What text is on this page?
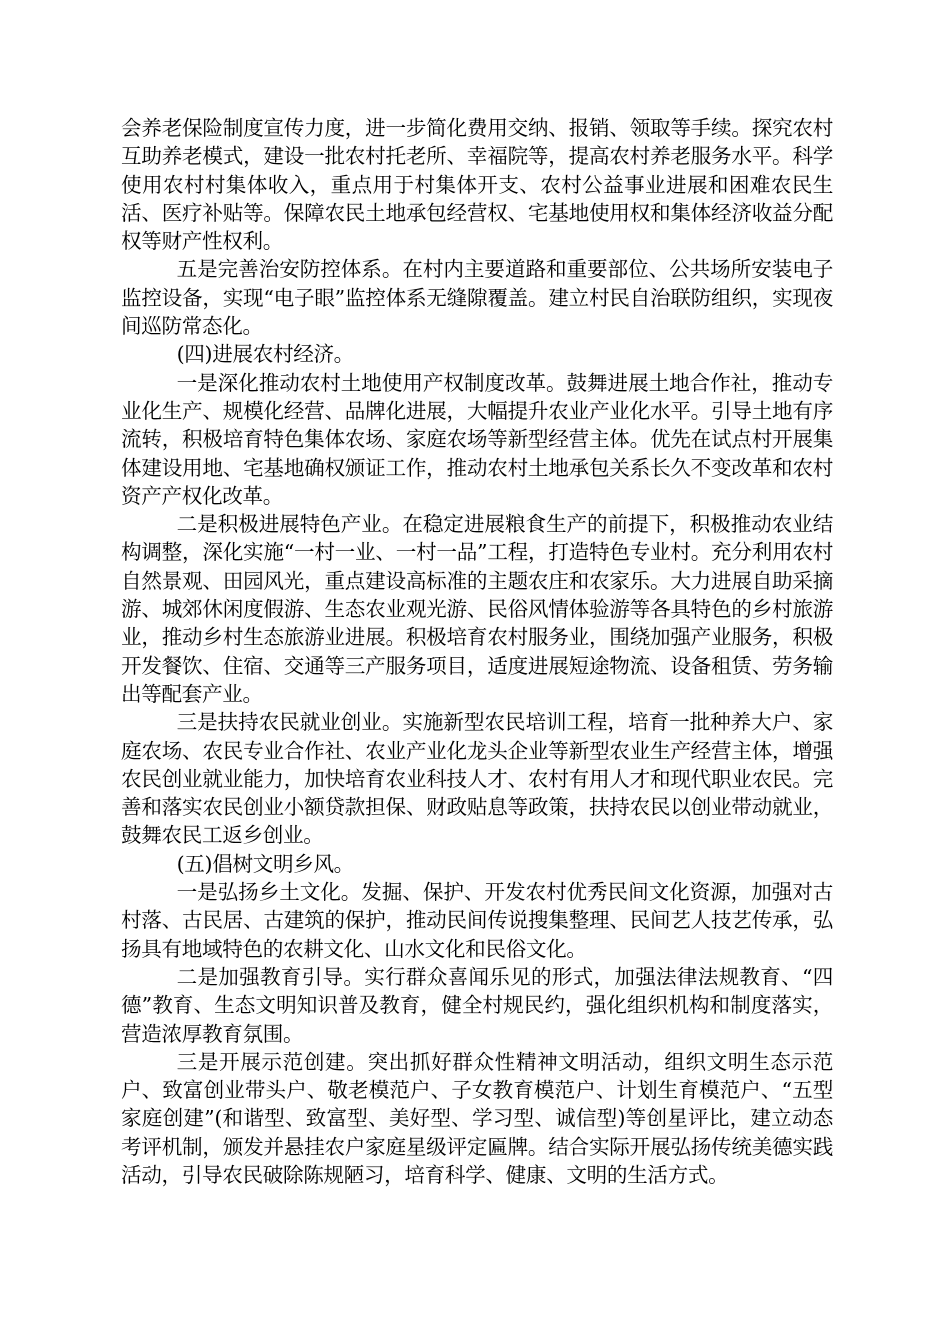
会养老保险制度宣传力度，进一步简化费用交纳、报销、领取等手续。探究农村互助养老模式，建设一批农村托老所、幸福院等，提高农村养老服务水平。科学使用农村村集体收入，重点用于村集体开支、农村公益事业进展和困难农民生活、医疗补贴等。保障农民土地承包经营权、宅基地使用权和集体经济收益分配权等财产性权利。

五是完善治安防控体系。在村内主要道路和重要部位、公共场所安装电子监控设备，实现“电子眼”监控体系无缝隙覆盖。建立村民自治联防组织，实现夜间巡防常态化。

(四)进展农村经济。

一是深化推动农村土地使用产权制度改革。鼓舞进展土地合作社，推动专业化生产、规模化经营、品牌化进展，大幅提升农业产业化水平。引导土地有序流转，积极培育特色集体农场、家庭农场等新型经营主体。优先在试点村开展集体建设用地、宅基地确权颁证工作，推动农村土地承包关系长久不变改革和农村资产产权化改革。

二是积极进展特色产业。在稳定进展粮食生产的前提下，积极推动农业结构调整，深化实施“一村一业、一村一品”工程，打造特色专业村。充分利用农村自然景观、田园风光，重点建设高标准的主题农庄和农家乐。大力进展自助采摘游、城郊休闲度假游、生态农业观光游、民俗风情体验游等各具特色的乡村旅游业，推动乡村生态旅游业进展。积极培育农村服务业，围绕加强产业服务，积极开发餐饮、住宿、交通等三产服务项目，适度进展短途物流、设备租赁、劳务输出等配套产业。

三是扶持农民就业创业。实施新型农民培训工程，培育一批种养大户、家庭农场、农民专业合作社、农业产业化龙头企业等新型农业生产经营主体，增强农民创业就业能力，加快培育农业科技人才、农村有用人才和现代职业农民。完善和落实农民创业小额贷款担保、财政贴息等政策，扶持农民以创业带动就业，鼓舞农民工返乡创业。

(五)倡树文明乡风。

一是弘扬乡土文化。发掘、保护、开发农村优秀民间文化资源，加强对古村落、古民居、古建筑的保护，推动民间传说搜集整理、民间艺人技艺传承，弘扬具有地域特色的农耕文化、山水文化和民俗文化。

二是加强教育引导。实行群众喜闻乐见的形式，加强法律法规教育、“四德”教育、生态文明知识普及教育，健全村规民约，强化组织机构和制度落实，营造浓厚教育氛围。

三是开展示范创建。突出抓好群众性精神文明活动，组织文明生态示范户、致富创业带头户、敬老模范户、子女教育模范户、计划生育模范户、“五型家庭创建”(和谐型、致富型、美好型、学习型、诚信型)等创星评比，建立动态考评机制，颁发并悬挂农户家庭星级评定匾牌。结合实际开展弘扬传统美德实践活动，引导农民破除陈规陋习，培育科学、健康、文明的生活方式。
